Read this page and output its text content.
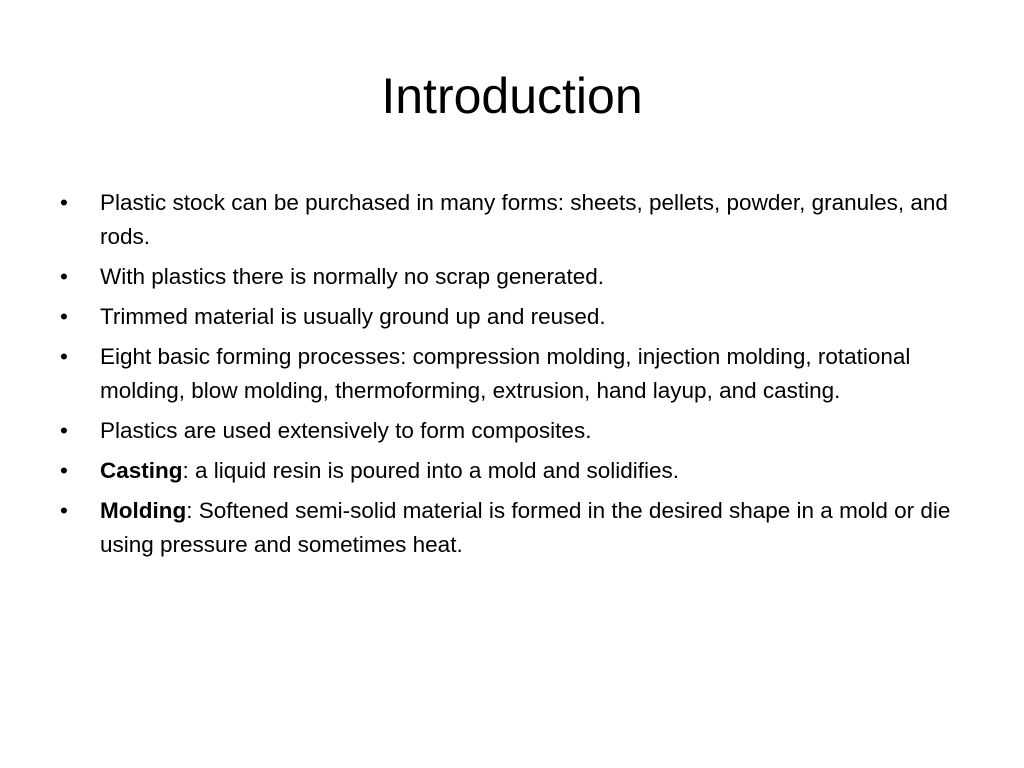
Introduction
•	Plastic stock can be purchased in many forms: sheets, pellets, powder, granules, and rods.
•	With plastics there is normally no scrap generated.
•	Trimmed material is usually ground up and reused.
•	Eight basic forming processes: compression molding, injection molding, rotational molding, blow molding, thermoforming, extrusion, hand layup, and casting.
•	Plastics are used extensively to form composites.
•	Casting: a liquid resin is poured into a mold and solidifies.
•	Molding: Softened semi-solid material is formed in the desired shape in a mold or die using pressure and sometimes heat.
